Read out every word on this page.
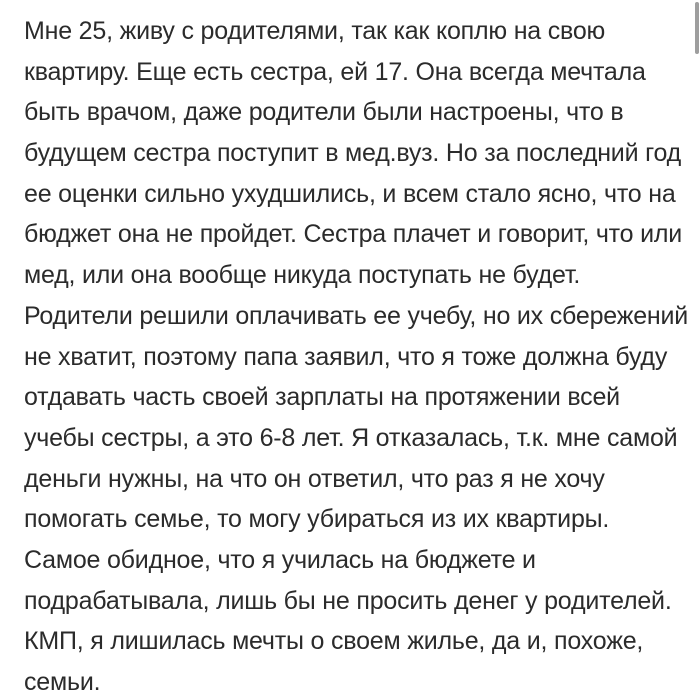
Мне 25, живу с родителями, так как коплю на свою
квартиру. Еще есть сестра, ей 17. Она всегда мечтала
быть врачом, даже родители были настроены, что в
будущем сестра поступит в мед.вуз. Но за последний год
ее оценки сильно ухудшились, и всем стало ясно, что на
бюджет она не пройдет. Сестра плачет и говорит, что или
мед, или она вообще никуда поступать не будет.
Родители решили оплачивать ее учебу, но их сбережений
не хватит, поэтому папа заявил, что я тоже должна буду
отдавать часть своей зарплаты на протяжении всей
учебы сестры, а это 6-8 лет. Я отказалась, т.к. мне самой
деньги нужны, на что он ответил, что раз я не хочу
помогать семье, то могу убираться из их квартиры.
Самое обидное, что я училась на бюджете и
подрабатывала, лишь бы не просить денег у родителей.
КМП, я лишилась мечты о своем жилье, да и, похоже,
семьи.
